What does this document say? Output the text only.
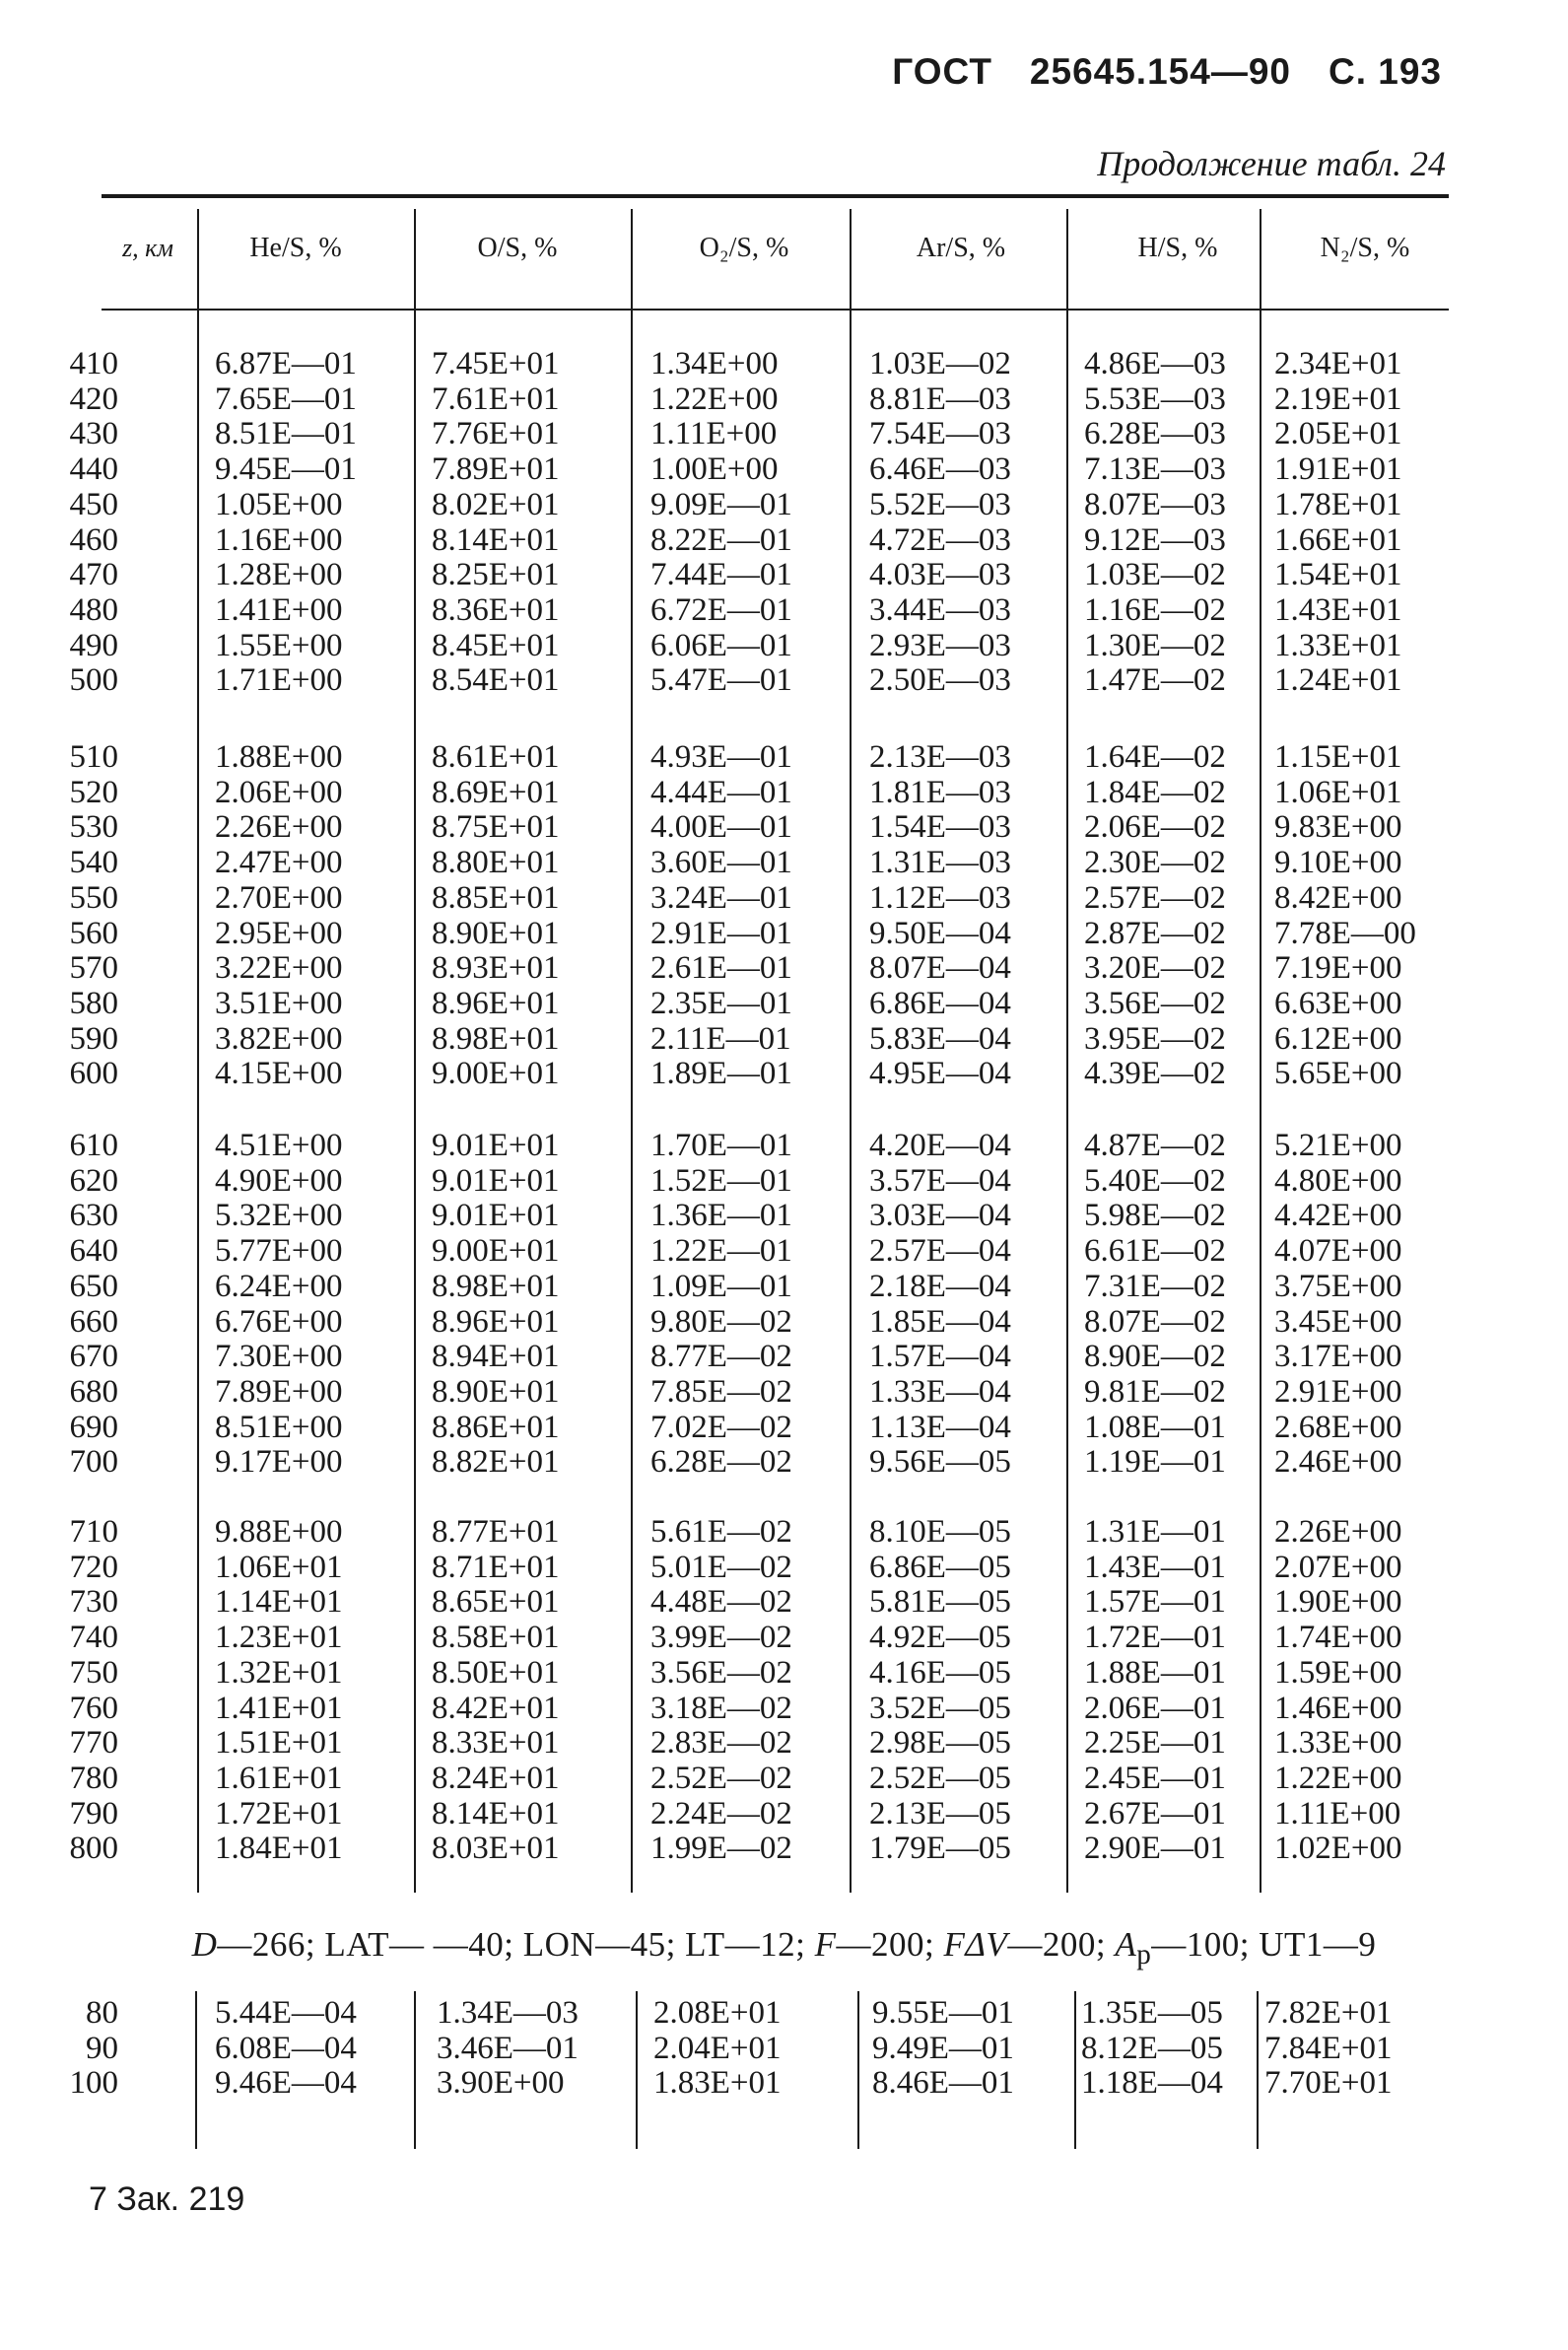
ГОСТ 25645.154—90 С. 193
Продолжение табл. 24
z, км	He/S, %	O/S, %	O₂/S, %	Ar/S, %	H/S, %	N₂/S, %
410	6.87E—01 7.45E+01	1.34E+00	1.03E—02 4.86E—03 2.34E+01
420	7.65E—01 7.61E+01	1.22E+00	8.81E—03 5.53E—03 2.19E+01
430	8.51E—01 7.76E+01	1.11E+00	7.54E—03 6.28E—03 2.05E+01
440	9.45E—01 7.89E+01	1.00E+00	6.46E—03 7.13E—03 1.91E+01
450	1.05E+00	8.02E+01	9.09E—01 5.52E—03 8.07E—03 1.78E+01
460	1.16E+00	8.14E+01	8.22E—01 4.72E—03 9.12E—03 1.66E+01
470	1.28E+00	8.25E+01	7.44E—01 4.03E—03 1.03E—02 1.54E+01
480	1.41E+00	8.36E+01	6.72E—01 3.44E—03 1.16E—02 1.43E+01
490	1.55E+00	8.45E+01	6.06E—01 2.93E—03 1.30E—02 1.33E+01
500	1.71E+00	8.54E+01	5.47E—01 2.50E—03 1.47E—02 1.24E+01
510	1.88E+00	8.61E+01	4.93E—01 2.13E—03 1.64E—02 1.15E+01
520	2.06E+00	8.69E+01	4.44E—01 1.81E—03 1.84E—02 1.06E+01
530	2.26E+00	8.75E+01	4.00E—01 1.54E—03 2.06E—02 9.83E+00
540	2.47E+00	8.80E+01	3.60E—01 1.31E—03 2.30E—02 9.10E+00
550	2.70E+00	8.85E+01	3.24E—01 1.12E—03 2.57E—02 8.42E+00
560	2.95E+00	8.90E+01	2.91E—01 9.50E—04 2.87E—02 7.78E—00
570	3.22E+00	8.93E+01	2.61E—01 8.07E—04 3.20E—02 7.19E+00
580	3.51E+00	8.96E+01	2.35E—01 6.86E—04 3.56E—02 6.63E+00
590	3.82E+00	8.98E+01	2.11E—01 5.83E—04 3.95E—02 6.12E+00
600	4.15E+00	9.00E+01	1.89E—01 4.95E—04 4.39E—02 5.65E+00
610	4.51E+00	9.01E+01	1.70E—01 4.20E—04 4.87E—02 5.21E+00
620	4.90E+00	9.01E+01	1.52E—01 3.57E—04 5.40E—02 4.80E+00
630	5.32E+00	9.01E+01	1.36E—01 3.03E—04 5.98E—02 4.42E+00
640	5.77E+00	9.00E+01	1.22E—01 2.57E—04 6.61E—02 4.07E+00
650	6.24E+00	8.98E+01	1.09E—01 2.18E—04 7.31E—02 3.75E+00
660	6.76E+00	8.96E+01	9.80E—02 1.85E—04 8.07E—02 3.45E+00
670	7.30E+00	8.94E+01	8.77E—02 1.57E—04 8.90E—02 3.17E+00
680	7.89E+00	8.90E+01	7.85E—02 1.33E—04 9.81E—02 2.91E+00
690	8.51E+00	8.86E+01	7.02E—02 1.13E—04 1.08E—01 2.68E+00
700	9.17E+00	8.82E+01	6.28E—02 9.56E—05 1.19E—01 2.46E+00
710	9.88E+00	8.77E+01	5.61E—02 8.10E—05 1.31E—01 2.26E+00
720	1.06E+01	8.71E+01	5.01E—02 6.86E—05 1.43E—01 2.07E+00
730	1.14E+01	8.65E+01	4.48E—02 5.81E—05 1.57E—01 1.90E+00
740	1.23E+01	8.58E+01	3.99E—02 4.92E—05 1.72E—01 1.74E+00
750	1.32E+01	8.50E+01	3.56E—02 4.16E—05 1.88E—01 1.59E+00
760	1.41E+01	8.42E+01	3.18E—02 3.52E—05 2.06E—01 1.46E+00
770	1.51E+01	8.33E+01	2.83E—02 2.98E—05 2.25E—01 1.33E+00
780	1.61E+01	8.24E+01	2.52E—02 2.52E—05 2.45E—01 1.22E+00
790	1.72E+01	8.14E+01	2.24E—02 2.13E—05 2.67E—01 1.11E+00
800	1.84E+01	8.03E+01	1.99E—02 1.79E—05 2.90E—01 1.02E+00
D—266; LAT— —40; LON—45; LT—12; F—200; FΔV—200; $A_p—100$; UT1—9
80	5.44E—04 1.34E—03 2.08E+01	9.55E—01 1.35E—05 7.82E+01
90	6.08E—04 3.46E—01 2.04E+01	9.49E—01 8.12E—05 7.84E+01
100	9.46E—04 3.90E+00	1.83E+01	8.46E—01 1.18E—04 7.70E+01
7 Зак. 219
